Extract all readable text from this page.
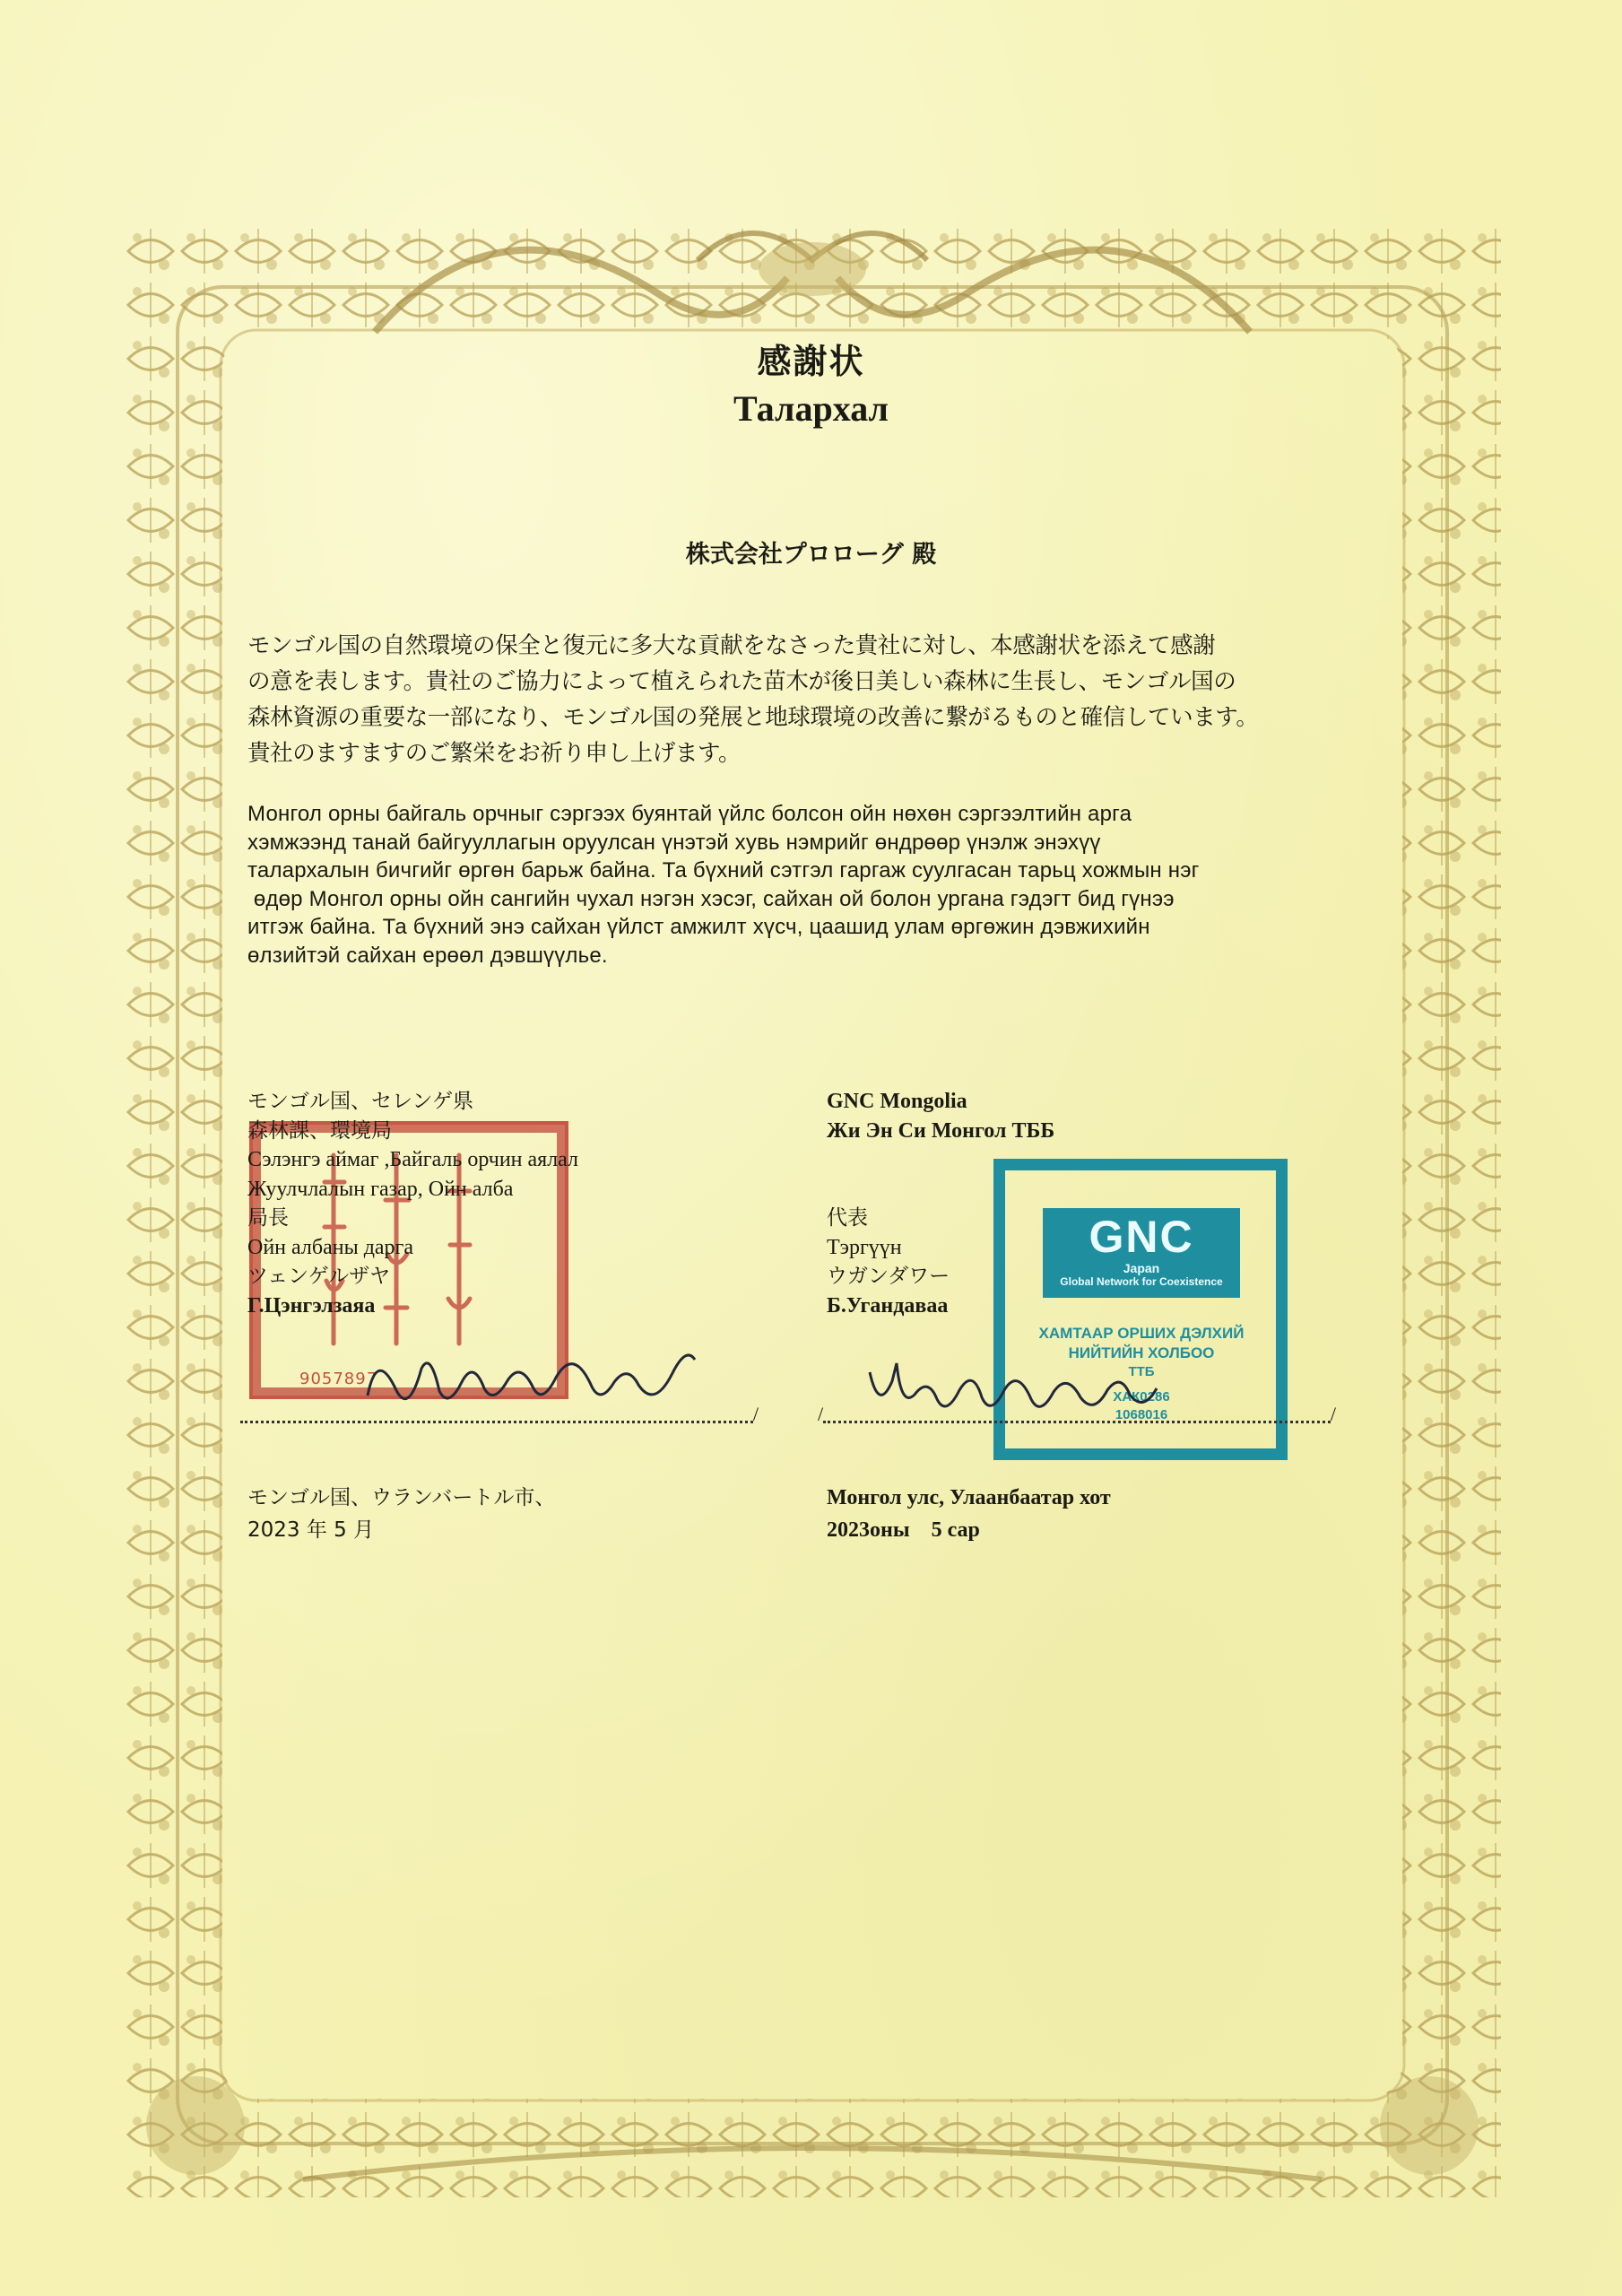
感謝状
Талархал
株式会社プロローグ 殿
モンゴル国の自然環境の保全と復元に多大な貢献をなさった貴社に対し、本感謝状を添えて感謝
の意を表します。貴社のご協力によって植えられた苗木が後日美しい森林に生長し、モンゴル国の
森林資源の重要な一部になり、モンゴル国の発展と地球環境の改善に繋がるものと確信しています。
貴社のますますのご繁栄をお祈り申し上げます。
Монгол орны байгаль орчныг сэргээх буянтай үйлс болсон ойн нөхөн сэргээлтийн арга
хэмжээнд танай байгууллагын оруулсан үнэтэй хувь нэмрийг өндрөөр үнэлж энэхүү
талархалын бичгийг өргөн барьж байна. Та бүхний сэтгэл гаргаж суулгасан тарьц хожмын нэг
өдөр Монгол орны ойн сангийн чухал нэгэн хэсэг, сайхан ой болон ургана гэдэгт бид гүнээ
итгэж байна. Та бүхний энэ сайхан үйлст амжилт хүсч, цаашид улам өргөжин дэвжихийн
өлзийтэй сайхан ерөөл дэвшүүлье.
9057897
モンゴル国、セレンゲ県
森林課、環境局
Сэлэнгэ аймаг ,Байгаль орчин аялал
Жуулчлалын газар, Ойн алба
局長
Ойн албаны дарга
ツェンゲルザヤ
Г.Цэнгэлзаяа
/
GNC
Japan
Global Network for Coexistence
ХАМТААР ОРШИХ ДЭЛХИЙ
НИЙТИЙН ХОЛБОО
ТТБ
ХАК0286
1068016
GNC Mongolia
Жи Эн Си Монгол ТББ

代表
Тэргүүн
ウガンダワー
Б.Угандаваа
/	/
モンゴル国、ウランバートル市、
2023 年 5 月
Монгол улс, Улаанбаатар хот
2023оны    5 сар
